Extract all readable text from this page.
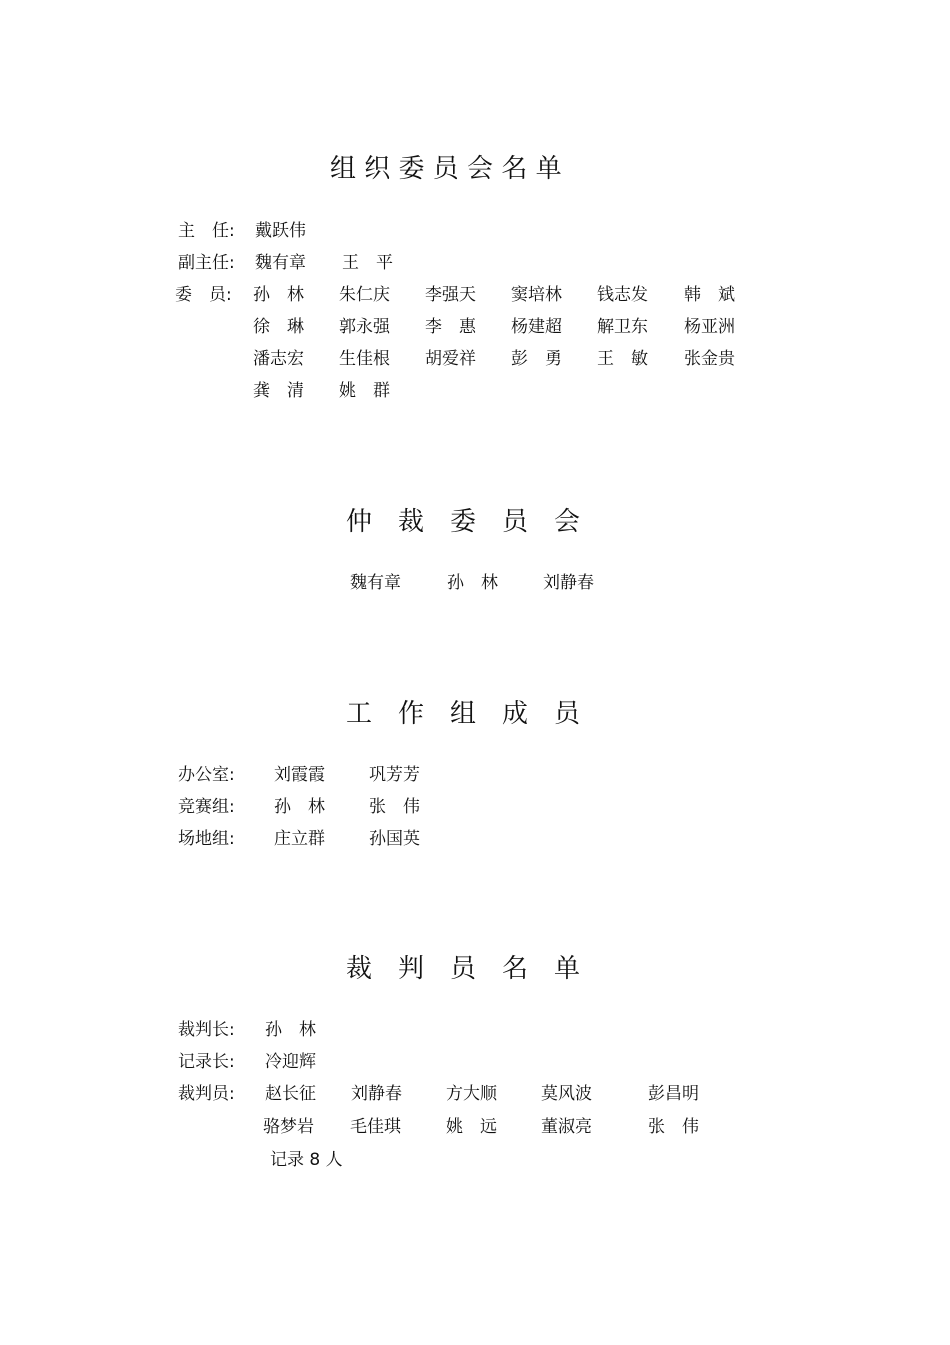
组 织 委 员 会 名 单
主　任: 戴跃伟
副主任: 魏有章 王　平
委　员: 孙　林 朱仁庆 李强天 窦培林 钱志发 韩　斌
徐　琳 郭永强 李　惠 杨建超 解卫东 杨亚洲
潘志宏 生佳根 胡爱祥 彭　勇 王　敏 张金贵
龚　清 姚　群
仲　裁　委　员　会
魏有章	孙　林	刘静春
工　作　组　成　员
办公室: 刘霞霞	巩芳芳
竞赛组: 孙　林	张　伟
场地组: 庄立群	孙国英
裁　判　员　名　单
裁判长: 孙　林
记录长: 冷迎辉
裁判员: 赵长征 刘静春	方大顺	莫风波	彭昌明
骆梦岩 毛佳琪	姚　远	董淑亮	张　伟
记录 8 人
